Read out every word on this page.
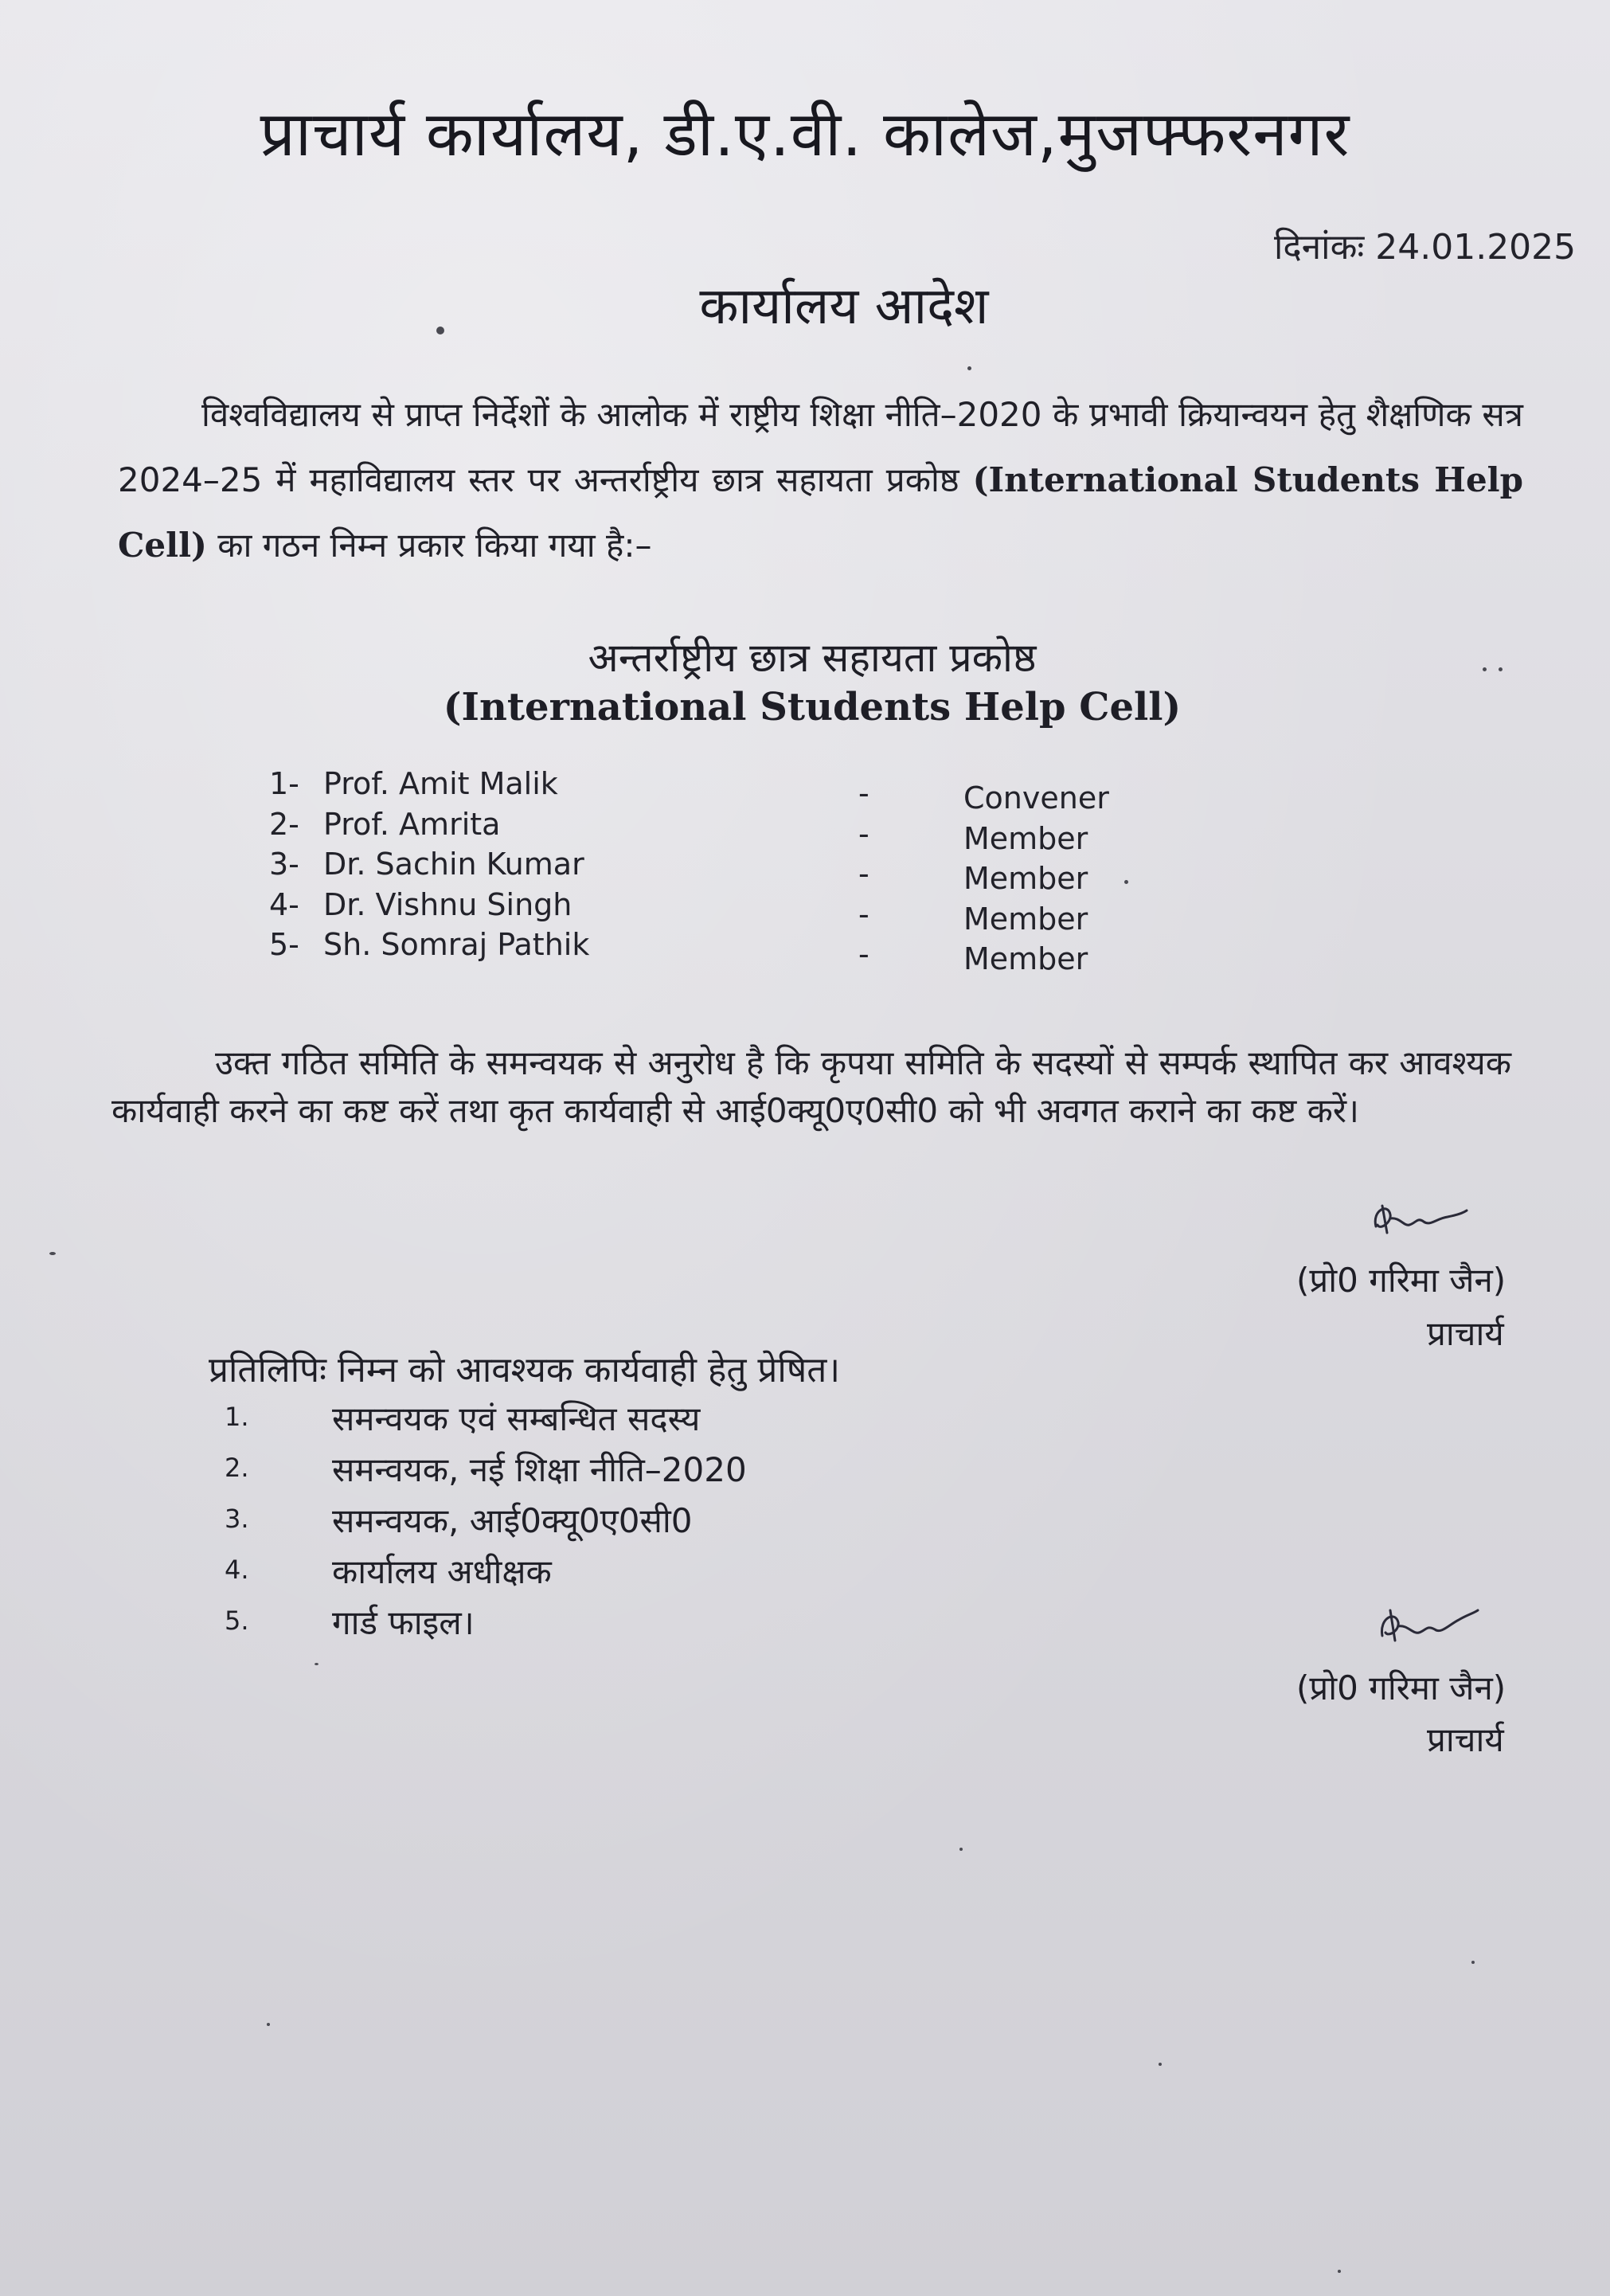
प्राचार्य कार्यालय, डी.ए.वी. कालेज,मुजफ्फरनगर
दिनांकः 24.01.2025
कार्यालय आदेश
विश्वविद्यालय से प्राप्त निर्देशों के आलोक में राष्ट्रीय शिक्षा नीति–2020 के प्रभावी क्रियान्वयन हेतु शैक्षणिक सत्र 2024–25 में महाविद्यालय स्तर पर अन्तर्राष्ट्रीय छात्र सहायता प्रकोष्ठ (International Students Help Cell) का गठन निम्न प्रकार किया गया है:–
अन्तर्राष्ट्रीय छात्र सहायता प्रकोष्ठ
(International Students Help Cell)
1- Prof. Amit Malik	-	Convener
2- Prof. Amrita	-	Member
3- Dr. Sachin Kumar	-	Member
4- Dr. Vishnu Singh	-	Member
5- Sh. Somraj Pathik	-	Member
उक्त गठित समिति के समन्वयक से अनुरोध है कि कृपया समिति के सदस्यों से सम्पर्क स्थापित कर आवश्यक कार्यवाही करने का कष्ट करें तथा कृत कार्यवाही से आई0क्यू0ए0सी0 को भी अवगत कराने का कष्ट करें।
(प्रो0 गरिमा जैन)
प्राचार्य
प्रतिलिपिः निम्न को आवश्यक कार्यवाही हेतु प्रेषित।
1. समन्वयक एवं सम्बन्धित सदस्य
2. समन्वयक, नई शिक्षा नीति–2020
3. समन्वयक, आई0क्यू0ए0सी0
4. कार्यालय अधीक्षक
5. गार्ड फाइल।
(प्रो0 गरिमा जैन)
प्राचार्य
